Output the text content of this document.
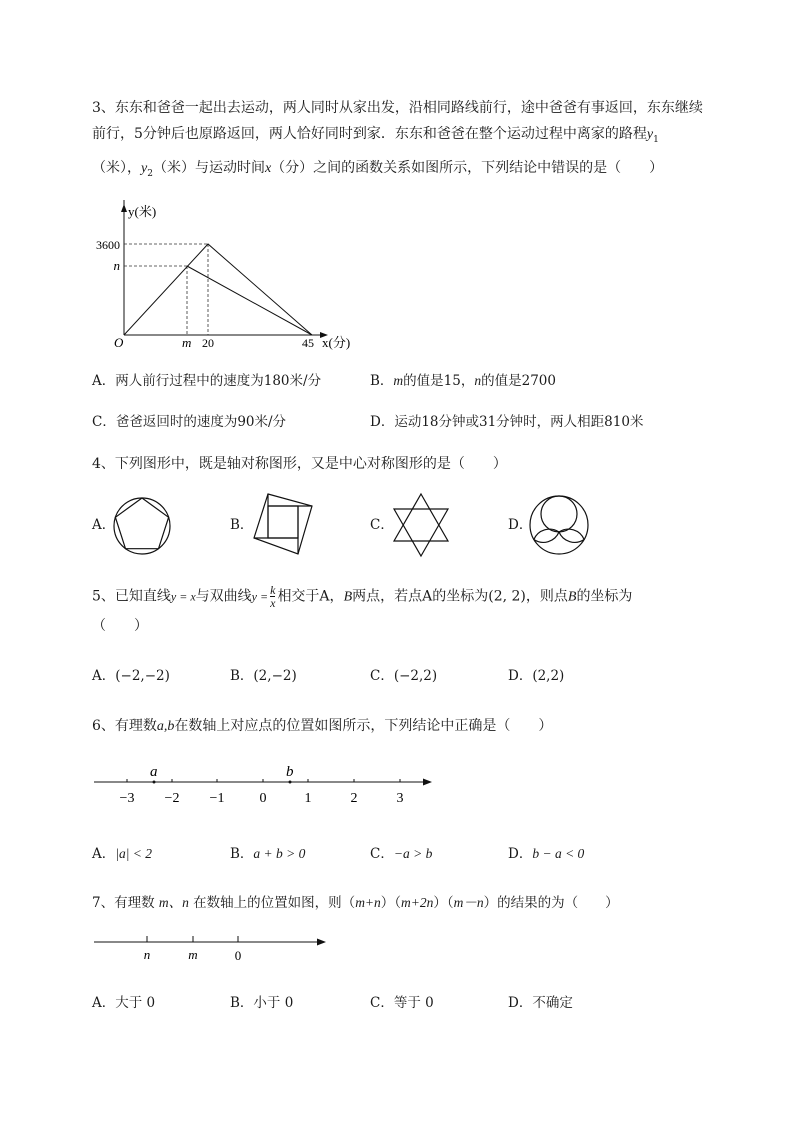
3、东东和爸爸一起出去运动，两人同时从家出发，沿相同路线前行，途中爸爸有事返回，东东继续
前行，5分钟后也原路返回，两人恰好同时到家．东东和爸爸在整个运动过程中离家的路程$y_1$
（米），$y_2$（米）与运动时间x（分）之间的函数关系如图所示，下列结论中错误的是（　　）
y(米)
3600
n
O	m 20	45 x(分)
A．两人前行过程中的速度为180米/分	B．m的值是15，n的值是2700
C．爸爸返回时的速度为90米/分	D．运动18分钟或31分钟时，两人相距810米
4、下列图形中，既是轴对称图形，又是中心对称图形的是（　　）
A．	B．	C．	D．
5、已知直线y = x与双曲线$y = \frac{k}{x}$ 相交于A，B两点，若点A的坐标为(2, 2)，则点B的坐标为
（　　）
A．(−2,−2)	B．(2,−2)	C．(−2,2)	D．(2,2)
6、有理数a,b在数轴上对应点的位置如图所示，下列结论中正确是（　　）
a	b
−3 −2 −1	0	1	2	3
A．|a| < 2	B．a + b > 0	C．−a > b	D．b − a < 0
7、有理数 m、n 在数轴上的位置如图，则（m+n）（m+2n）（m－n）的结果的为（　　）
n	m	0
A．大于 0	B．小于 0	C．等于 0	D．不确定
